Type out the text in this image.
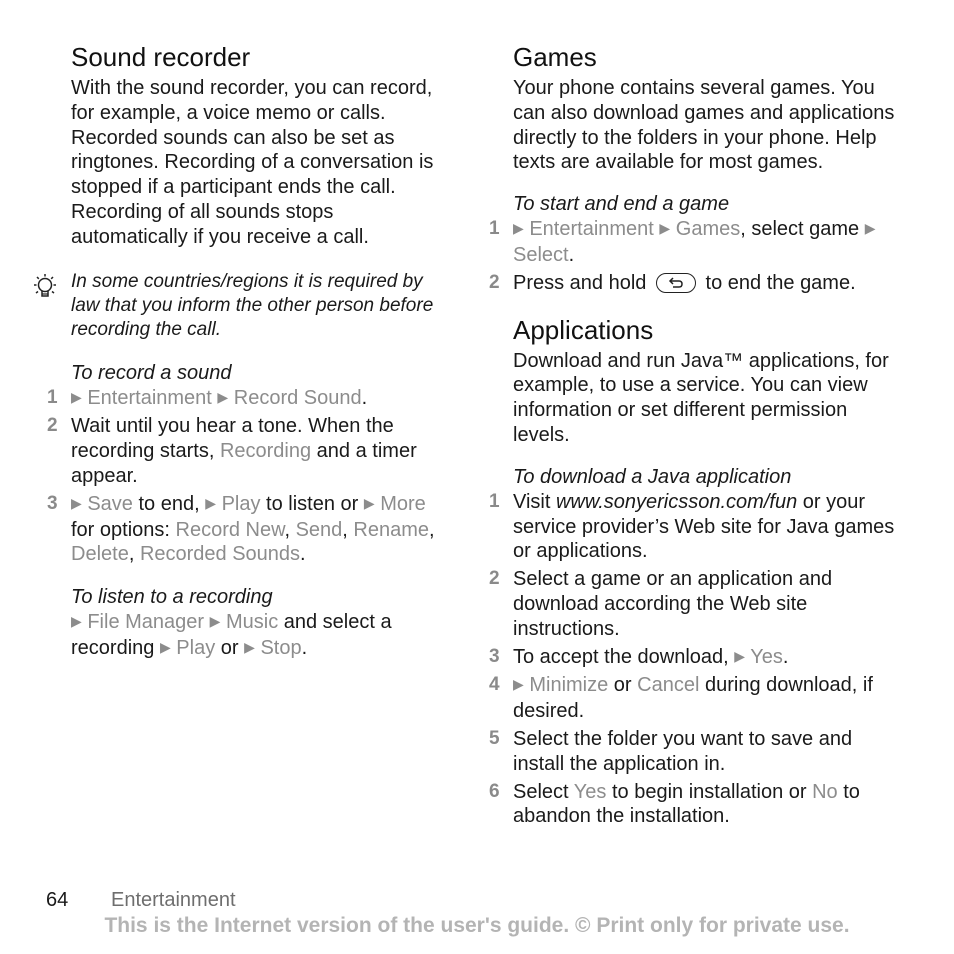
Sound recorder

With the sound recorder, you can record, for example, a voice memo or calls. Recorded sounds can also be set as ringtones. Recording of a conversation is stopped if a participant ends the call. Recording of all sounds stops automatically if you receive a call.

In some countries/regions it is required by law that you inform the other person before recording the call.

To record a sound

1 ▶ Entertainment ▶ Record Sound.
2 Wait until you hear a tone. When the recording starts, Recording and a timer appear.
3 ▶ Save to end, ▶ Play to listen or ▶ More for options: Record New, Send, Rename, Delete, Recorded Sounds.

To listen to a recording

▶ File Manager ▶ Music and select a recording ▶ Play or ▶ Stop.

Games

Your phone contains several games. You can also download games and applications directly to the folders in your phone. Help texts are available for most games.

To start and end a game

1 ▶ Entertainment ▶ Games, select game ▶ Select.
2 Press and hold
to end the game.
Applications

Download and run Java™ applications, for example, to use a service. You can view information or set different permission levels.

To download a Java application

1 Visit www.sonyericsson.com/fun or your service provider’s Web site for Java games or applications.
2 Select a game or an application and download according the Web site instructions.
3 To accept the download, ▶ Yes.
4 ▶ Minimize or Cancel during download, if desired.
5 Select the folder you want to save and install the application in.
6 Select Yes to begin installation or No to abandon the installation.
64 Entertainment
This is the Internet version of the user's guide. © Print only for private use.
